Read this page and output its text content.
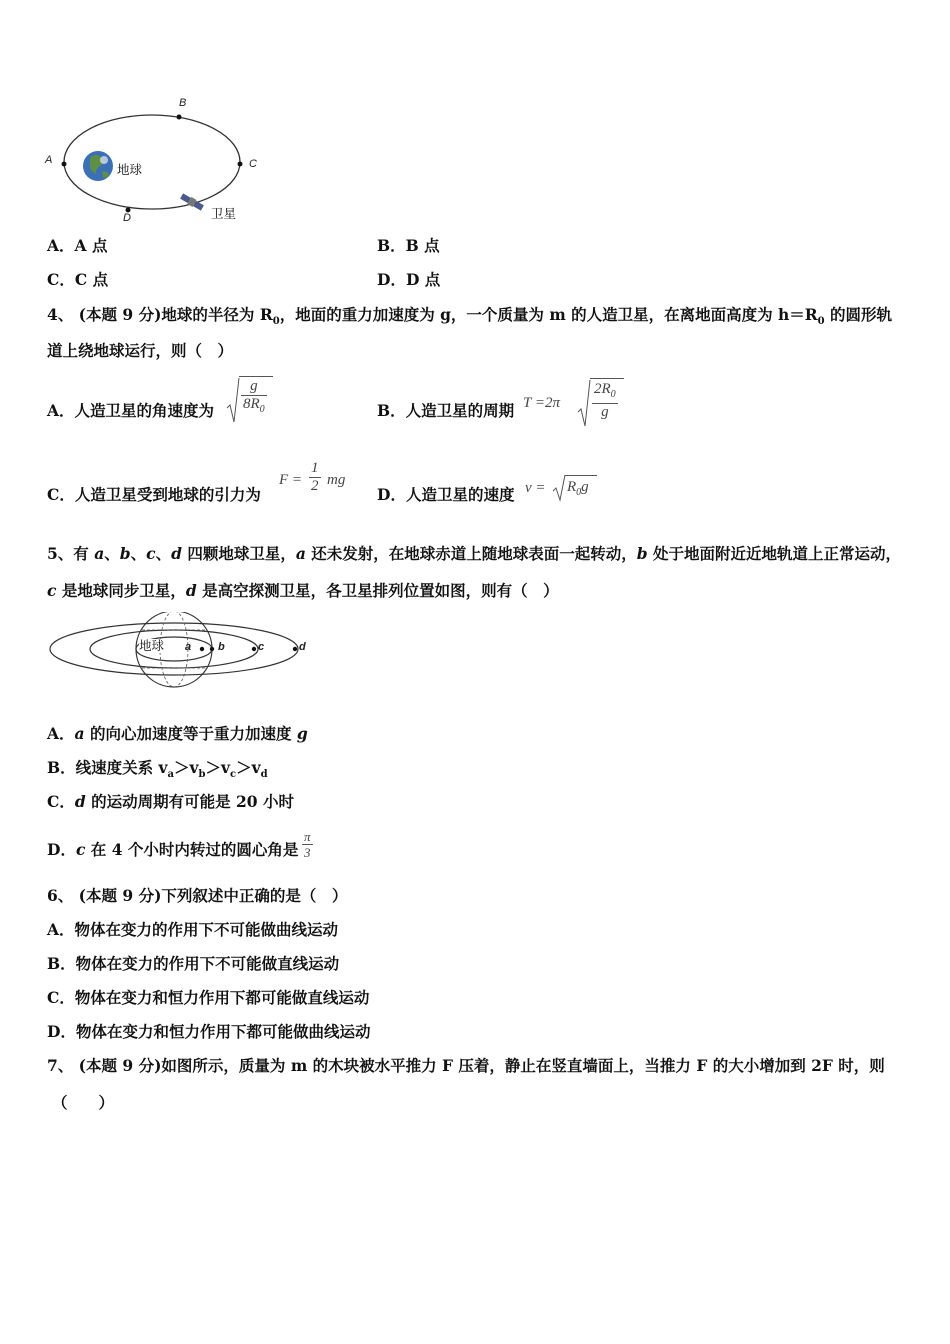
A
B
C
D
地球
卫星
A．A 点	B．B 点
C．C 点	D．D 点
4、 (本题 9 分)地球的半径为 $R_0$，地面的重力加速度为 g，一个质量为 m 的人造卫星，在离地面高度为 $h=R_0$ 的圆形轨
道上绕地球运行，则（　）
A．人造卫星的角速度为 $\frac{g}{8R_0}$	B．人造卫星的周期 $T =2\pi \frac{2R_0}{g}$
C．人造卫星受到地球的引力为
$F = \frac{1}{2}$ mg
D．人造卫星的速度 $v = R_0g$
5、有 a、b、c、d 四颗地球卫星，a 还未发射，在地球赤道上随地球表面一起转动，b 处于地面附近近地轨道上正常运动，
c 是地球同步卫星，d 是高空探测卫星，各卫星排列位置如图，则有（　）
地球 a b	c	d
A．a 的向心加速度等于重力加速度 g
B．线速度关系 $v_a>v_b>v_c>v_d$
C．d 的运动周期有可能是 20 小时
D．c 在 4 个小时内转过的圆心角是 $\frac{\pi}{3}$
6、 (本题 9 分)下列叙述中正确的是（　）
A．物体在变力的作用下不可能做曲线运动
B．物体在变力的作用下不可能做直线运动
C．物体在变力和恒力作用下都可能做直线运动
D．物体在变力和恒力作用下都可能做曲线运动
7、 (本题 9 分)如图所示，质量为 m 的木块被水平推力 F 压着，静止在竖直墙面上，当推力 F 的大小增加到 2F 时，则
（　　）
